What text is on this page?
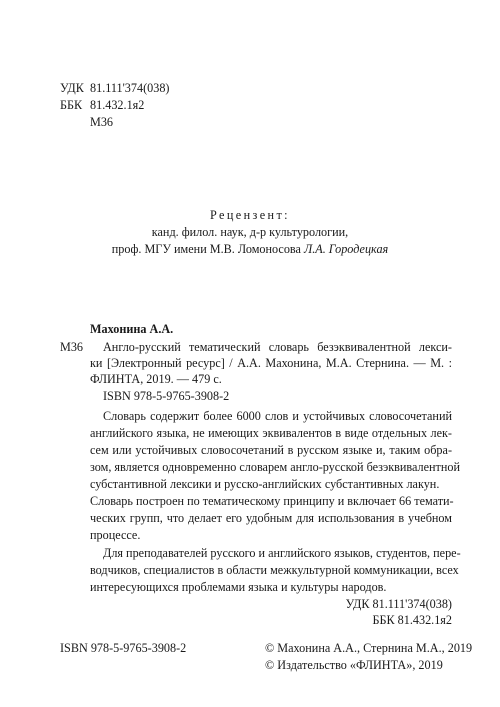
УДК 81.111'374(038)
ББК 81.432.1я2
М36
Рецензент:
канд. филол. наук, д-р культурологии,
проф. МГУ имени М.В. Ломоносова Л.А. Городецкая
Махонина А.А.
М36 Англо-русский тематический словарь безэквивалентной лекси-
ки [Электронный ресурс] / А.А. Махонина, М.А. Стернина. — М. :
ФЛИНТА, 2019. — 479 с.
ISBN 978-5-9765-3908-2
Словарь содержит более 6000 слов и устойчивых словосочетаний
английского языка, не имеющих эквивалентов в виде отдельных лек-
сем или устойчивых словосочетаний в русском языке и, таким обра-
зом, является одновременно словарем англо-русской безэквивалентной
субстантивной лексики и русско-английских субстантивных лакун.
Словарь построен по тематическому принципу и включает 66 темати-
ческих групп, что делает его удобным для использования в учебном
процессе.
Для преподавателей русского и английского языков, студентов, пере-
водчиков, специалистов в области межкультурной коммуникации, всех
интересующихся проблемами языка и культуры народов.
УДК 81.111'374(038)
ББК 81.432.1я2
ISBN 978-5-9765-3908-2	© Махонина А.А., Стернина М.А., 2019
© Издательство «ФЛИНТА», 2019
